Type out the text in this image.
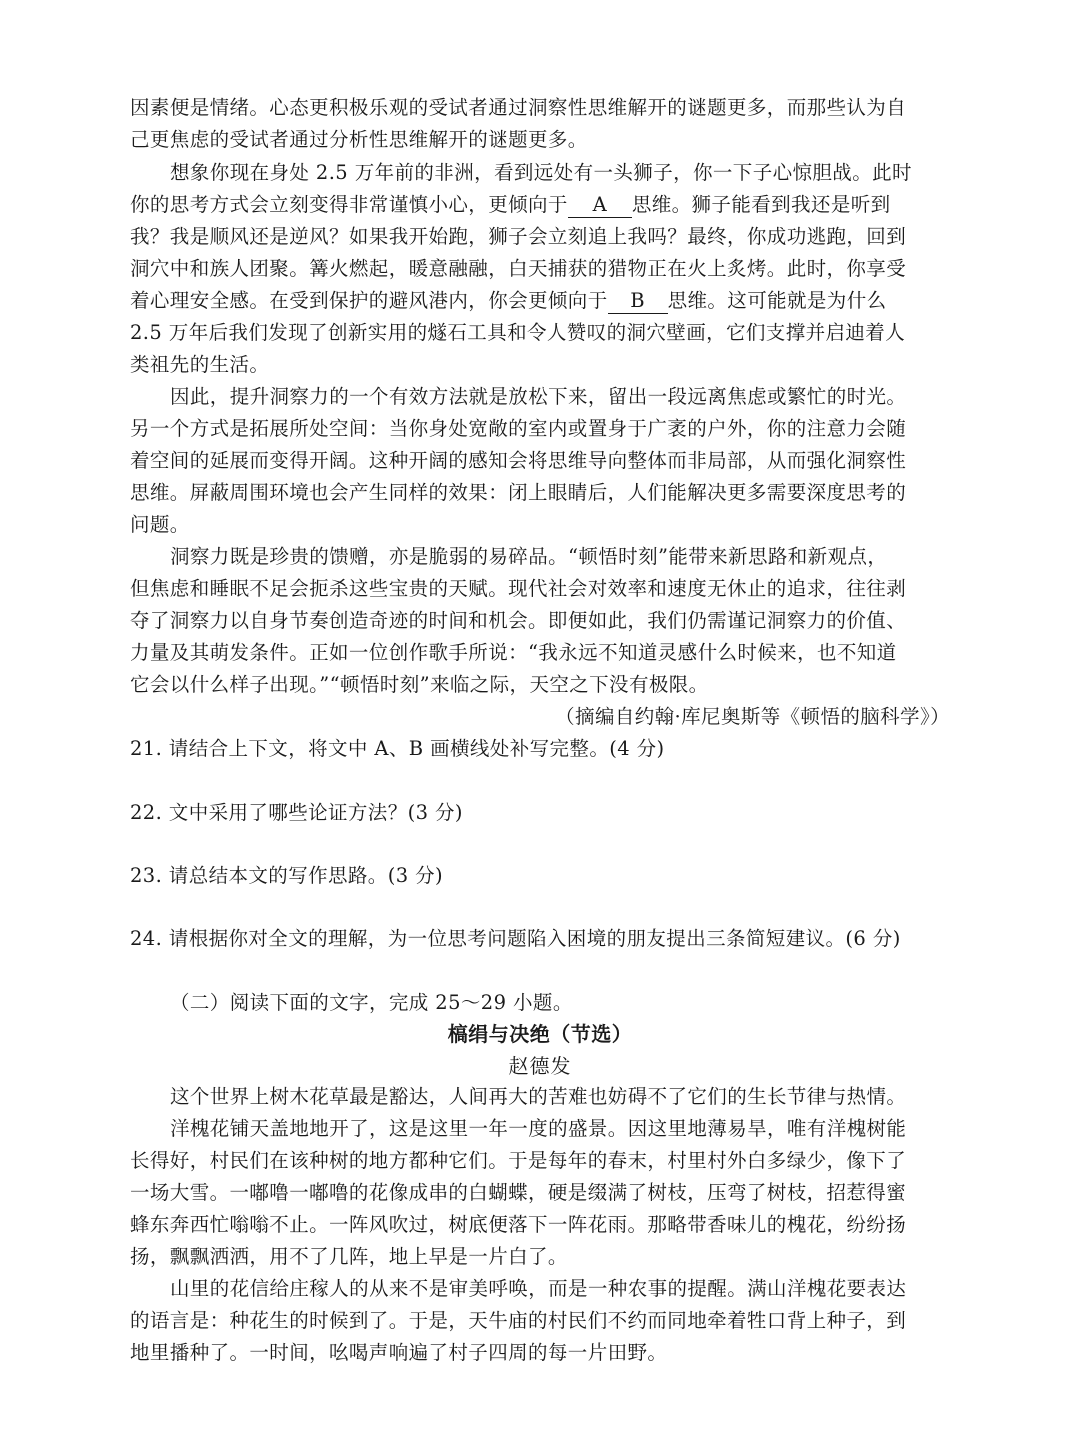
因素便是情绪。心态更积极乐观的受试者通过洞察性思维解开的谜题更多，而那些认为自
己更焦虑的受试者通过分析性思维解开的谜题更多。
想象你现在身处 2.5 万年前的非洲，看到远处有一头狮子，你一下子心惊胆战。此时
你的思考方式会立刻变得非常谨慎小心，更倾向于 A 思维。狮子能看到我还是听到
我？我是顺风还是逆风？如果我开始跑，狮子会立刻追上我吗？最终，你成功逃跑，回到
洞穴中和族人团聚。篝火燃起，暖意融融，白天捕获的猎物正在火上炙烤。此时，你享受
着心理安全感。在受到保护的避风港内，你会更倾向于 B 思维。这可能就是为什么
2.5 万年后我们发现了创新实用的燧石工具和令人赞叹的洞穴壁画，它们支撑并启迪着人
类祖先的生活。
因此，提升洞察力的一个有效方法就是放松下来，留出一段远离焦虑或繁忙的时光。
另一个方式是拓展所处空间：当你身处宽敞的室内或置身于广袤的户外，你的注意力会随
着空间的延展而变得开阔。这种开阔的感知会将思维导向整体而非局部，从而强化洞察性
思维。屏蔽周围环境也会产生同样的效果：闭上眼睛后，人们能解决更多需要深度思考的
问题。
洞察力既是珍贵的馈赠，亦是脆弱的易碎品。“顿悟时刻”能带来新思路和新观点，
但焦虑和睡眠不足会扼杀这些宝贵的天赋。现代社会对效率和速度无休止的追求，往往剥
夺了洞察力以自身节奏创造奇迹的时间和机会。即便如此，我们仍需谨记洞察力的价值、
力量及其萌发条件。正如一位创作歌手所说：“我永远不知道灵感什么时候来，也不知道
它会以什么样子出现。”“顿悟时刻”来临之际，天空之下没有极限。
（摘编自约翰·库尼奥斯等《顿悟的脑科学》）
21. 请结合上下文，将文中 A、B 画横线处补写完整。(4 分)
22. 文中采用了哪些论证方法？(3 分)
23. 请总结本文的写作思路。(3 分)
24. 请根据你对全文的理解，为一位思考问题陷入困境的朋友提出三条简短建议。(6 分)
（二）阅读下面的文字，完成 25～29 小题。
槁绢与决绝（节选）
赵德发
这个世界上树木花草最是豁达，人间再大的苦难也妨碍不了它们的生长节律与热情。
洋槐花铺天盖地地开了，这是这里一年一度的盛景。因这里地薄易旱，唯有洋槐树能
长得好，村民们在该种树的地方都种它们。于是每年的春末，村里村外白多绿少，像下了
一场大雪。一嘟噜一嘟噜的花像成串的白蝴蝶，硬是缀满了树枝，压弯了树枝，招惹得蜜
蜂东奔西忙嗡嗡不止。一阵风吹过，树底便落下一阵花雨。那略带香味儿的槐花，纷纷扬
扬，飘飘洒洒，用不了几阵，地上早是一片白了。
山里的花信给庄稼人的从来不是审美呼唤，而是一种农事的提醒。满山洋槐花要表达
的语言是：种花生的时候到了。于是，天牛庙的村民们不约而同地牵着牲口背上种子，到
地里播种了。一时间，吆喝声响遍了村子四周的每一片田野。
